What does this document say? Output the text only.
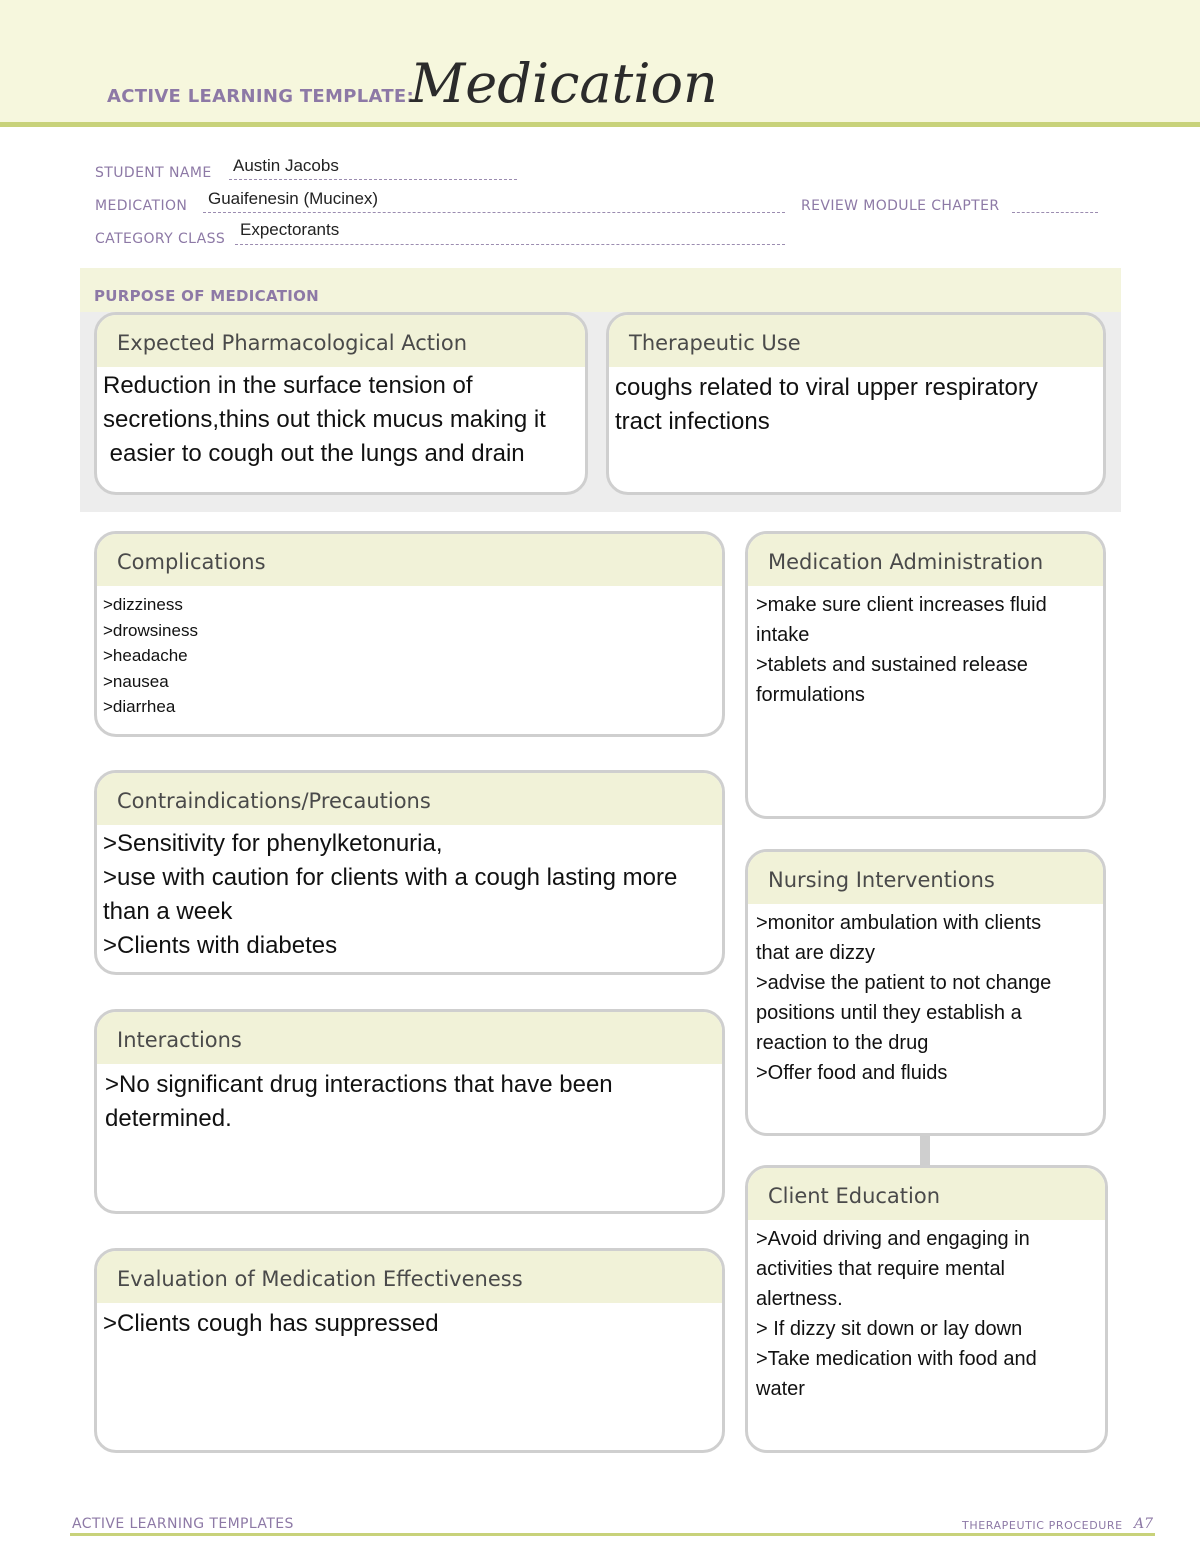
ACTIVE LEARNING TEMPLATE:
Medication
STUDENT NAME Austin Jacobs
MEDICATION Guaifenesin (Mucinex)	REVIEW MODULE CHAPTER
CATEGORY CLASS Expectorants
PURPOSE OF MEDICATION
Expected Pharmacological Action
Reduction in the surface tension of
secretions,thins out thick mucus making it
easier to cough out the lungs and drain
Therapeutic Use
coughs related to viral upper respiratory
tract infections
Complications
>dizziness
>drowsiness
>headache
>nausea
>diarrhea
Medication Administration
>make sure client increases fluid
intake
>tablets and sustained release
formulations
Contraindications/Precautions
>Sensitivity for phenylketonuria,
>use with caution for clients with a cough lasting more
than a week
>Clients with diabetes
Nursing Interventions
>monitor ambulation with clients
that are dizzy
>advise the patient to not change
positions until they establish a
reaction to the drug
>Offer food and fluids
Interactions
>No significant drug interactions that have been
determined.
Client Education
>Avoid driving and engaging in
activities that require mental
alertness.
> If dizzy sit down or lay down
>Take medication with food and
water
Evaluation of Medication Effectiveness
>Clients cough has suppressed
ACTIVE LEARNING TEMPLATES	THERAPEUTIC PROCEDURE A7
